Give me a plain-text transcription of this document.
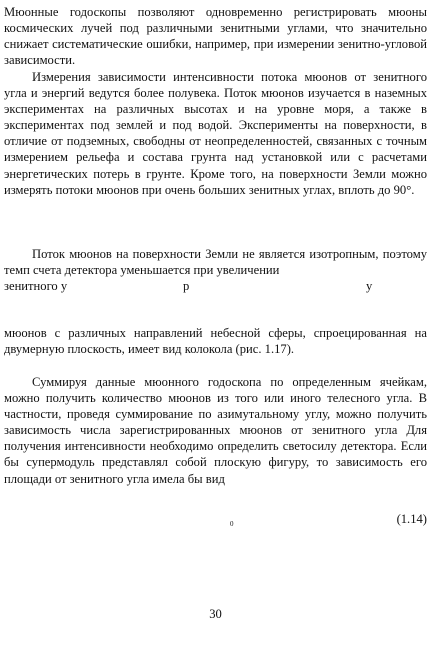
Мюонные годоскопы позволяют одновременно регистрировать мюоны космических лучей под различными зенитными углами, что значительно снижает систематические ошибки, например, при измерении зенитно-угловой зависимости.

Измерения зависимости интенсивности потока мюонов от зенитного угла и энергий ведутся более полувека. Поток мюонов изучается в наземных экспериментах на различных высотах и на уровне моря, а также в экспериментах под землей и под водой. Эксперименты на поверхности, в отличие от подземных, свободны от неопределенностей, связанных с точным измерением рельефа и состава грунта над установкой или с расчетами энергетических потерь в грунте. Кроме того, на поверхности Земли можно измерять потоки мюонов при очень больших зенитных углах, вплоть до 90°.

Поток мюонов на поверхности Земли не является изотропным, поэтому темп счета детектора уменьшается при увеличении

зенитного у	р	у

мюонов с различных направлений небесной сферы, спроецированная на двумерную плоскость, имеет вид колокола (рис. 1.17).

Суммируя данные мюонного годоскопа по определенным ячейкам, можно получить количество мюонов из того или иного телесного угла. В частности, проведя суммирование по азимутальному углу, можно получить зависимость числа зарегистрированных мюонов от зенитного угла Для получения интенсивности необходимо определить светосилу детектора. Если бы супермодуль представлял собой плоскую фигуру, то зависимость его площади от зенитного угла имела бы вид

0	(1.14)
30
